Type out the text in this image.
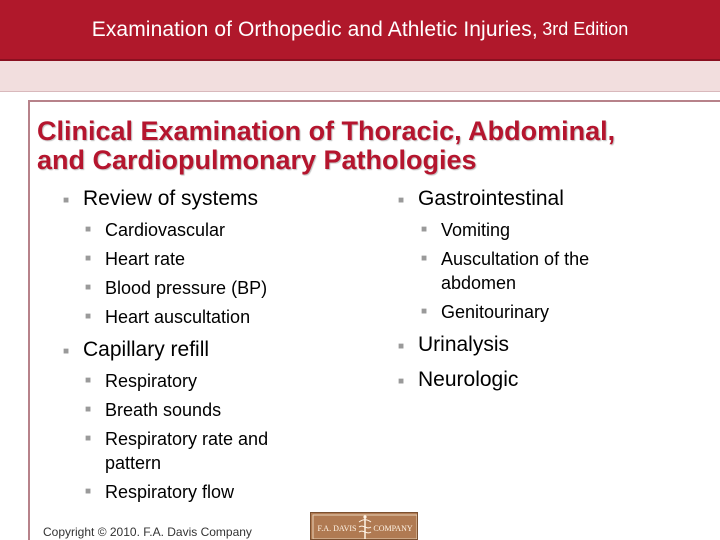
Examination of Orthopedic and Athletic Injuries,
3rd Edition
Clinical Examination of Thoracic, Abdominal,
and Cardiopulmonary Pathologies
■ Review of systems
■ Cardiovascular
■ Heart rate
■ Blood pressure (BP)
■ Heart auscultation
■ Capillary refill
■ Respiratory
■ Breath sounds
■ Respiratory rate and
pattern
■ Respiratory flow
■ Gastrointestinal
■ Vomiting
■ Auscultation of the
abdomen
■ Genitourinary
■ Urinalysis
■ Neurologic
Copyright © 2010. F.A. Davis Company	F.A. DAVIS COMPANY
